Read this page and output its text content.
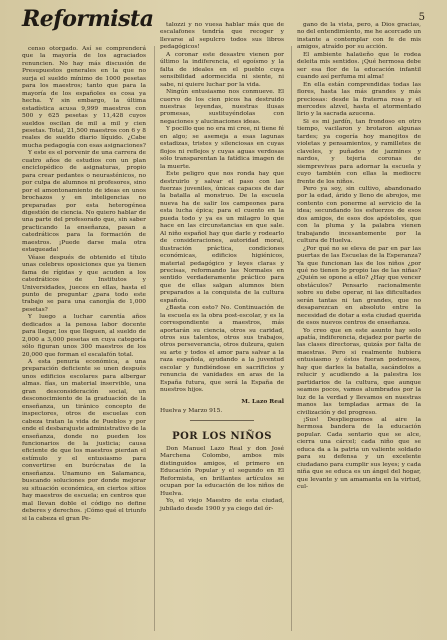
Reformista	5

censo otorgado. Así se comprenderá que la mayoría de los agraciados renuncien. No hay más discusión de Presupuestos generales en la que no surja el sueldo mínimo de 1000 pesetas para los maestros; tanto que para la mayoría de los españoles es cosa ya hecha. Y sin embargo, la última estadística acusa 9,999 maestros con 500 y 625 pesetas y 11,428 cuyos sueldos oscilan de mil a mil y cien pesetas. Total, 21,500 maestros con 6 y 8 reales de sueldo diario líquido. ¿Cabe mucha pedagogía con esas asignaciones?

Y este es el porvenir de una carrera de cuatro años de estudios con un plan enciclopédico de asignaturas, propio para crear pedantes o neurasténicos, no por culpa de alumnos ni profesores, sino por el amontonamiento de ideas en unos brochazos y en inteligencias no preparadas por esta heterogénea digestión de ciencia. No quiero hablar de una parte del profesorado que, sin saber practicando la enseñanza, pasan a catedráticos para la formación de maestros. ¡Puede darse mala otra estaqueada!

Véase después de obtenido el título unas celebres oposiciones que ya tienen fama de rígidas y que acuden a los catedráticos de Institutos y Universidades, jueces en ellas, hasta el punto de preguntar ¿para todo este trabajo se para una canonjía de 1,000 pesetas?

Y luego a luchar carentía años dedicados a la penosa labor docente para llegar, los que lleguen, al sueldo de 2,000 a 3,000 pesetas en cuya categoría sólo figuran unos 300 maestros de los 20,000 que forman el escalafón total.

A esta penuria económica, a una preparación deficiente se unen después unos edificios escolares para albergar almas. fías, un material inservible, una gran desconsideración social, un desconocimiento de la graduación de la enseñanza, un tiránico concepto de inspectores, otros de escuelas con cabeza tratan la vida de Pueblos y por ende el desbarajuste administrativo de la enseñanza, donde no pueden los funcionarios de la justicia; causa eficiente de que los maestros pierdan el estímulo y el entusiasmo para convertirse en burócratas de la enseñanza. Unamuno en Salamanca, buscando soluciones por donde mejorar su situación económica, en ciertos sitios hay maestros de escuela; en centros que mal llevan doble el código no define deberes y derechos. ¡Cómo qué el triunfo si la cabeza el gran Pe-

talozzi y no vuesa hablar más que de escalafones tendría que recoger y llevarse al sepulcro todos sus libros pedagógicos!

A coronar este desastre vienen por último la indiferencia, el egoísmo y la falta de ideales en el pueblo cuya sensibilidad adormecida ni siente, ni sabe, ni quiere luchar por la vida.

Ningún entusiasmo nos conmueve. El cuervo de los cien picos ha destruido nuestras leyendas, nuestras ilusas promesas, sustituyéndolas con negaciones y alucinaciones ideas.

Y pocillo que no era mi cree, ni tiene fé en algo; se asemeja a esas lagunas estadizas, tristes y silenciosas en cuyas flojos ni reflejos y cuyas aguas verdosas sólo transparentan la fatídica imagen de la muerte.

Este peligro que nos ronda hay que destruirlo y salvar el paso con las fuerzas juveniles, únicas capaces de dar la batalla al monstruo. De la escuela nueva ha de salir los campeones para esta lucha épica; para el cuento en la pueda todo y ya es un milagro lo que hace en las circunstancias en que sale. Al niño español hay que darle y rodearlo de consideraciones, autoridad moral, ilustración práctica, condiciones económicas, edificios higiénicos, material pedagógico y leyes claras y precisas, reformando las Normales en sentido verdaderamente práctico para que de ellas salgan alumnos bien preparados a la conquista de la cultura española.

¿Basta con esto? No. Continuación de la escuela es la obra post-escolar, y es la correspondiente a maestros, más aportarán su ciencia, otros su caridad, otros sus talentos, otros sus trabajos, otros perseverancia, otros dulzura, quien su arte y todos el amor para salvar a la raza española, ayudando a la juventud escolar y fundiéndose en sacrificios y renuncia de vanidades en aras de la España futura, que será la España de nuestros hijos.

M. Lazo Real
Huelva y Marzo 915.
POR LOS NIÑOS

Don Manuel Lazo Real y don José Marchena Colombo, ambos mis distinguidos amigos, el primero en Educación Popular y el segundo en El Reformista, en brillantes artículos se ocupan por la educación de los niños de Huelva.

Yo, el viejo Maestro de esta ciudad, jubilado desde 1900 y ya ciego del ór-

gano de la vista, pero, a Dios gracias, no del entendimiento, me he acercado un instante a contemplar con fe de mis amigos, atraído por su acción.

El ambiente halaüeño que le rodea deleita mis sentidos. ¡Qué hermosa debe ser esa flor de la educación infantil cuando así perfuma mi alma!

En ella están comprendidas todas las flores, hasta las más grandes y más preciosas: desde la fraterna rosa y el mercedes alzvel, hasta el atormentado lirio y la sacrada azucena.

Si es mi jardín, tan frondoso en otro tiempo, vacilaron y brotaron algunas tardes; ya cogería hoy manojitos de violetas y pensamientos, y ramilletes de claveles, y puñados de jazmines y nardos, y tejeria coronas de siemprevivas para adornar la escuela y cuyo también con ellas la mediocre frente de los niños.

Pero ya soy, sin cultivo, abandonado por la edad, árido y lleno de abrojos, me contento con ponerme al servicio de la idea; secundando los esfuerzos de esos dos amigos, de esos dos apóstoles, que con la pluma y la palabra vienen trabajando incesantemente por la cultura de Huelva.

¿Por qué no se eleva de par en par las puertas de las Escuelas de la Esperanza? Ya que funcionan las de los niños ¿por qué no tienen lo propio las de las niñas? ¿Quién se opone a ello? ¿Hay que vencer obstáculos? Pensarlo racionalmente sobre su debe operar, ni las dificultades serán tantas ni tan grandes, que no desaparezcan en absoluto entre la necesidad de dotar a esta ciudad querida de esos nuevos centros de enseñanza.

Yo creo que en este asunto hay solo apatía, indiferencia, dejadez por parte de las clases directoras, quizás por falta de maestras. Pero si realmente hubiera entusiasmo y éstos fueran poderosos, hay que darles la batalla, sacándolos a relucir y acudiendo a la palestra los partidarios de la cultura, que aunque seamos pocos, vamos alumbrados por la luz de la verdad y llevamos en nuestras manos las templadas armas de la civilización y del progreso.

¡Sus! Desplieguemos al aire la hermosa bandera de la educación popular. Cada sentario que se alce, cierra una cárcel; cada niño que se educa da a la patria un valiente soldado para su defensa y un excelente ciudadano para cumplir sus leyes; y cada niña que se educa es un ángel del hogar, que levante y un amamanta en la virtud, cul-
